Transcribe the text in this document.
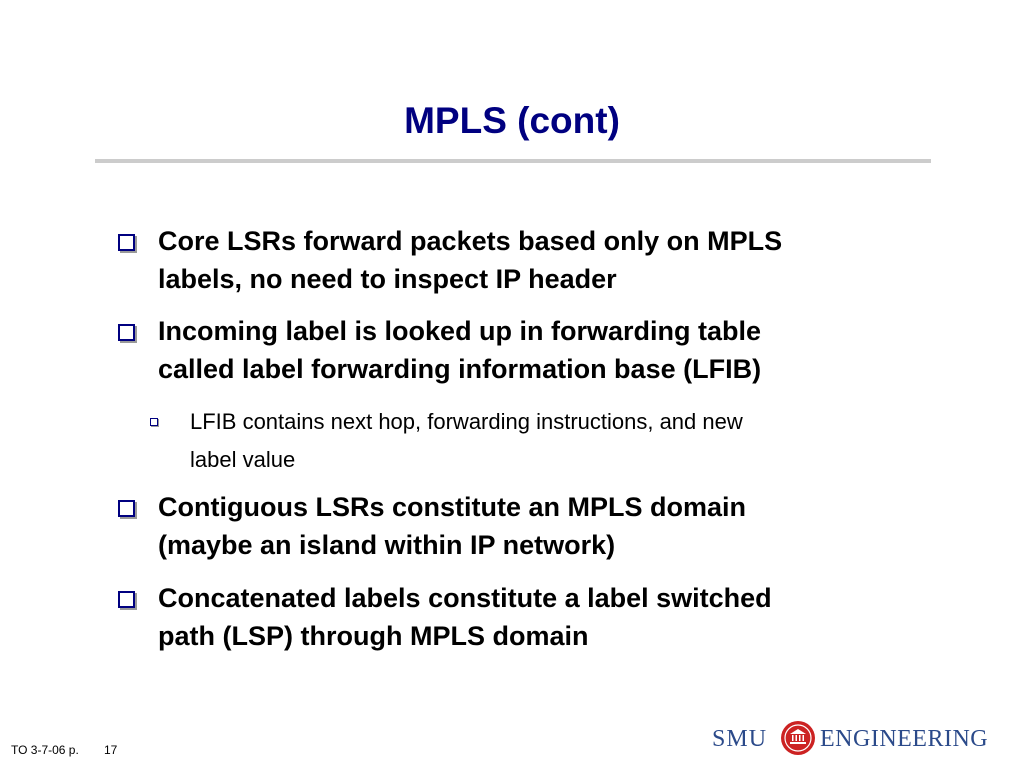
MPLS (cont)
Core LSRs forward packets based only on MPLS
labels, no need to inspect IP header
Incoming label is looked up in forwarding table
called label forwarding information base (LFIB)
LFIB contains next hop, forwarding instructions, and new
label value
Contiguous LSRs constitute an MPLS domain
(maybe an island within IP network)
Concatenated labels constitute a label switched
path (LSP) through MPLS domain
TO 3-7-06 p. 17	SMU ENGINEERING
